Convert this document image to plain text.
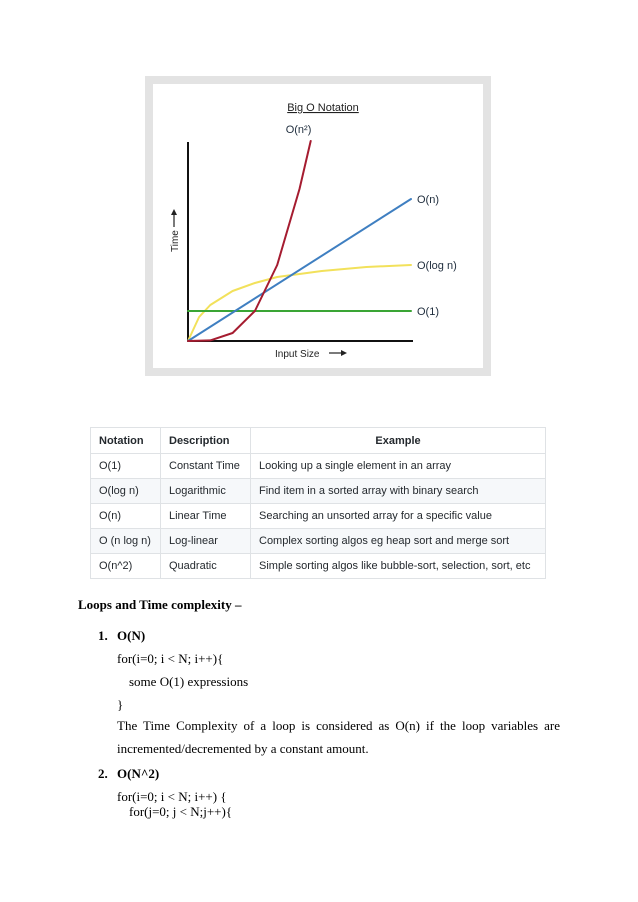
Big O Notation
Input Size
Time
O(log n)
O(1)
O(n)
O(n²)
Notation	Description	Example
O(1)	Constant Time	Looking up a single element in an array
O(log n)	Logarithmic	Find item in a sorted array with binary search
O(n)	Linear Time	Searching an unsorted array for a specific value
O (n log n)	Log-linear	Complex sorting algos eg heap sort and merge sort
O(n^2)	Quadratic	Simple sorting algos like bubble-sort, selection, sort, etc
Loops and Time complexity –
1. O(N)
for(i=0; i < N; i++){
some O(1) expressions
}
The Time Complexity of a loop is considered as O(n) if the loop variables are incremented/decremented by a constant amount.
2. O(N^2)
for(i=0; i < N; i++) {
for(j=0; j < N;j++){
